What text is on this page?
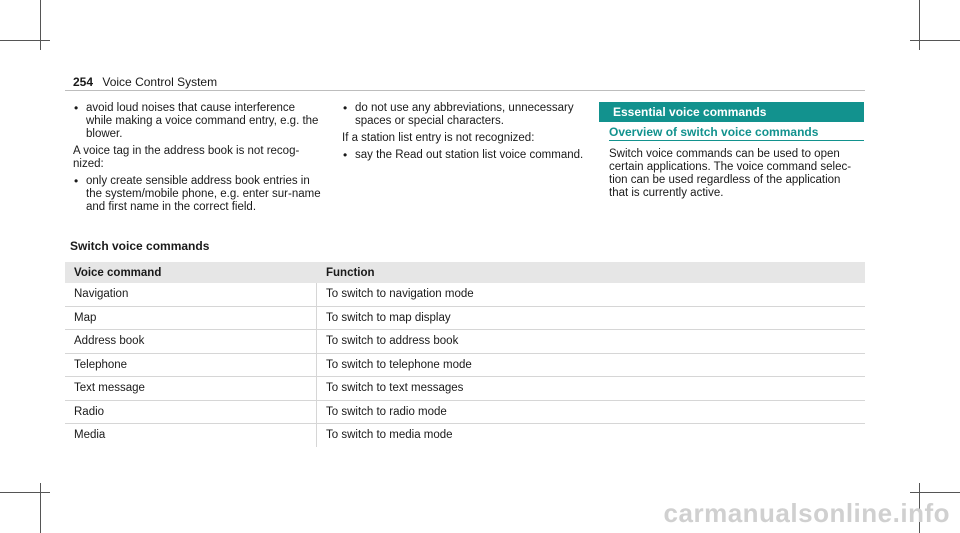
254 Voice Control System
• avoid loud noises that cause interference while making a voice command entry, e.g. the blower.

A voice tag in the address book is not recog-nized:

• only create sensible address book entries in the system/mobile phone, e.g. enter sur-name and first name in the correct field.
• do not use any abbreviations, unnecessary spaces or special characters.

If a station list entry is not recognized:

• say the Read out station list voice command.
Essential voice commands
Overview of switch voice commands
Switch voice commands can be used to open certain applications. The voice command selec-tion can be used regardless of the application that is currently active.
Switch voice commands
Voice command	Function
Navigation	To switch to navigation mode
Map	To switch to map display
Address book	To switch to address book
Telephone	To switch to telephone mode
Text message	To switch to text messages
Radio	To switch to radio mode
Media	To switch to media mode
carmanualsonline.info
